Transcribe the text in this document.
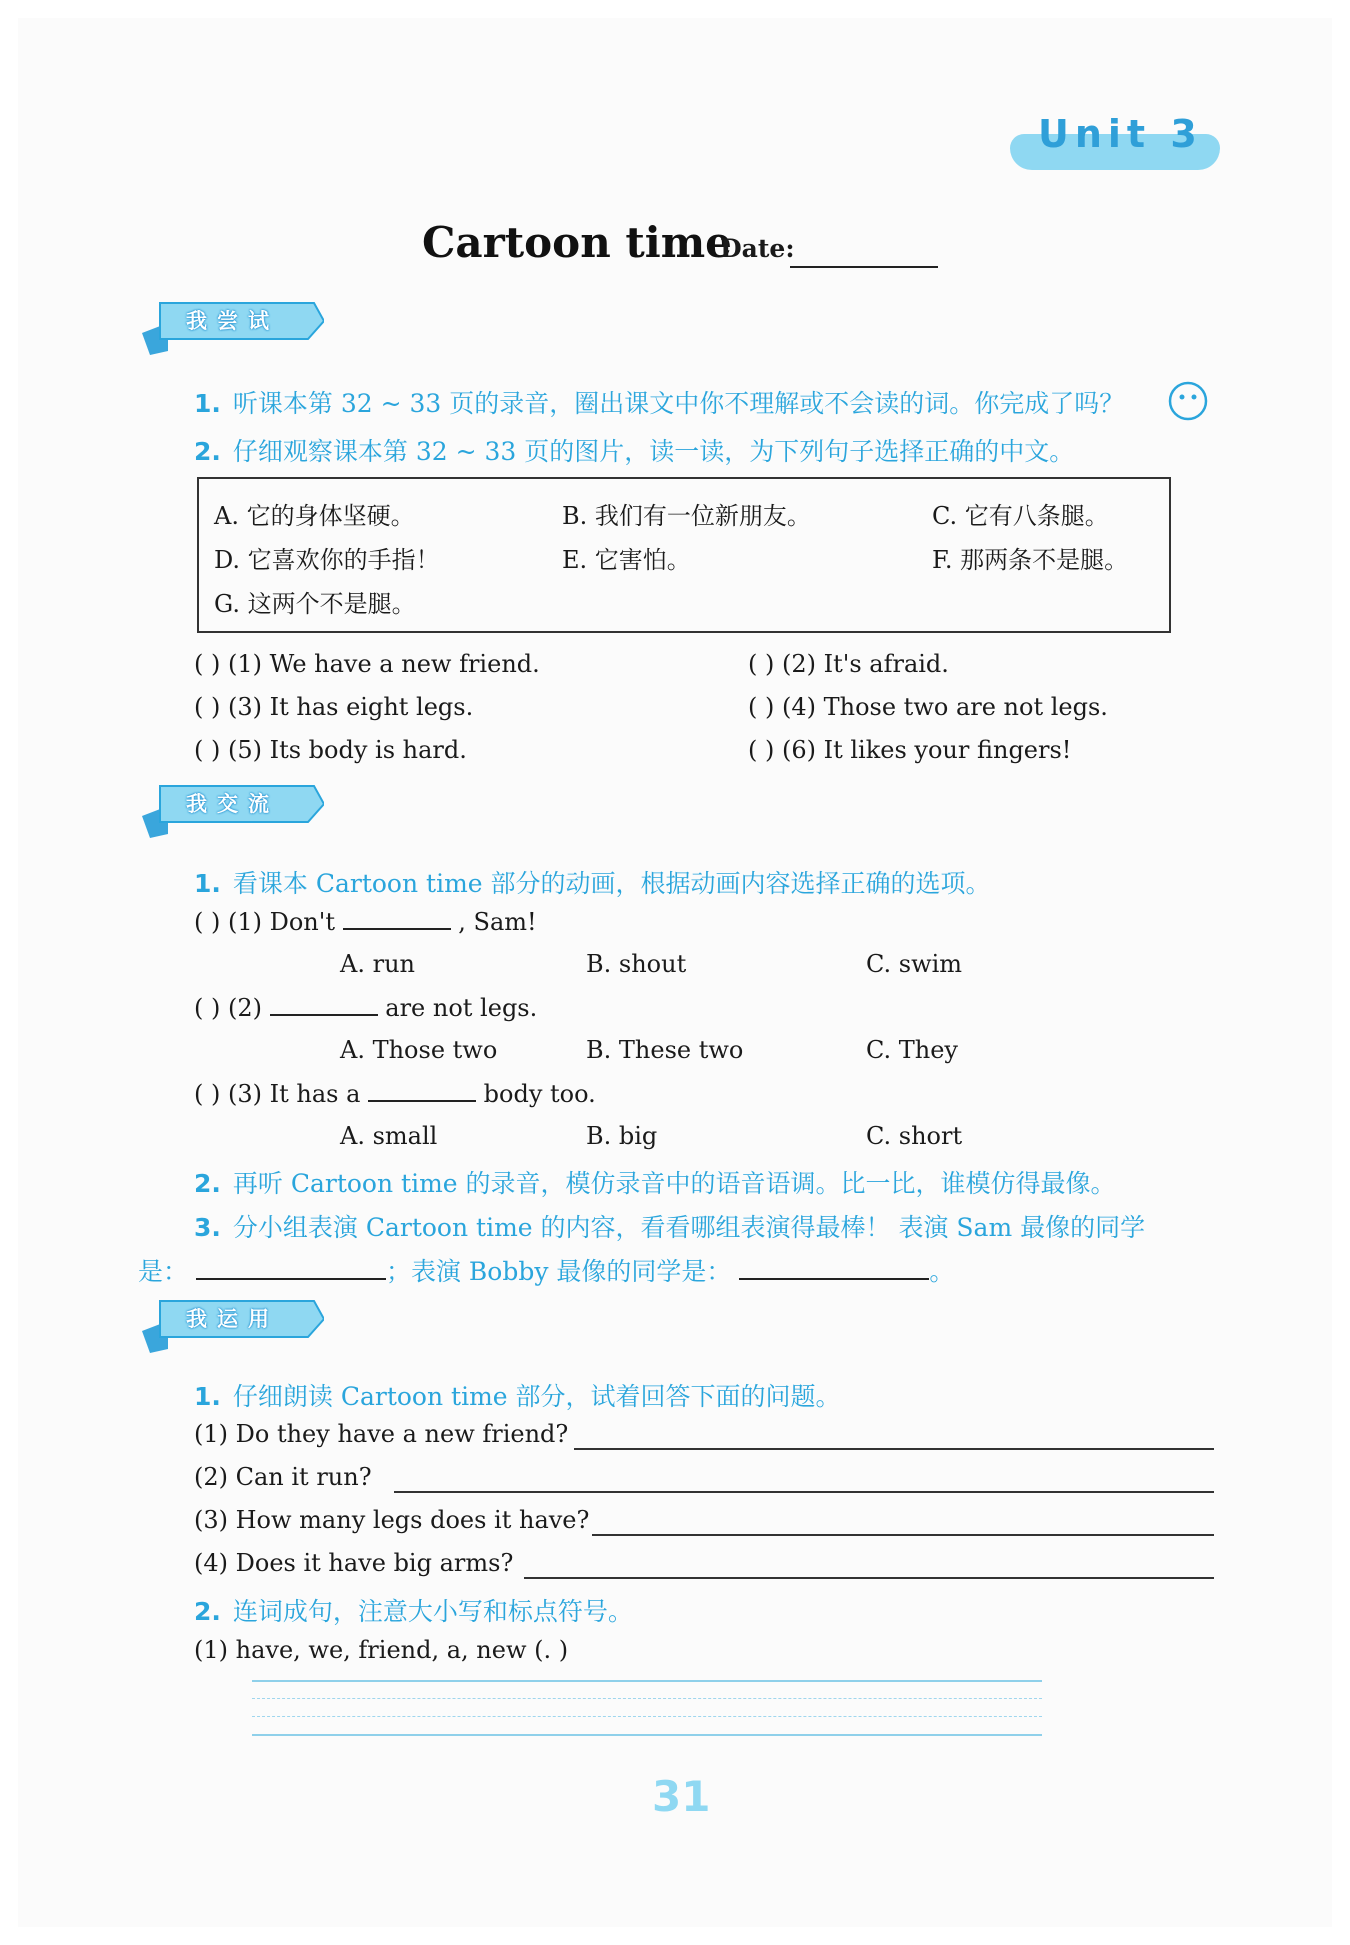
Unit 3
Cartoon time
Date:
我尝试
1. 听课本第 32 ~ 33 页的录音，圈出课文中你不理解或不会读的词。你完成了吗？
2. 仔细观察课本第 32 ~ 33 页的图片，读一读，为下列句子选择正确的中文。
A. 它的身体坚硬。	B. 我们有一位新朋友。	C. 它有八条腿。
D. 它喜欢你的手指！	E. 它害怕。	F. 那两条不是腿。
G. 这两个不是腿。
( ) (1) We have a new friend.	( ) (2) It's afraid.
( ) (3) It has eight legs.	( ) (4) Those two are not legs.
( ) (5) Its body is hard.	( ) (6) It likes your fingers!
我交流
1. 看课本 Cartoon time 部分的动画，根据动画内容选择正确的选项。
( ) (1) Don't	, Sam!
A. run	B. shout	C. swim
( ) (2)	are not legs.
A. Those two	B. These two	C. They
( ) (3) It has a	body too.
A. small	B. big	C. short
2. 再听 Cartoon time 的录音，模仿录音中的语音语调。比一比，谁模仿得最像。
3. 分小组表演 Cartoon time 的内容，看看哪组表演得最棒！ 表演 Sam 最像的同学
是：	；表演 Bobby 最像的同学是：	。
我运用
1. 仔细朗读 Cartoon time 部分，试着回答下面的问题。
(1) Do they have a new friend?
(2) Can it run?
(3) How many legs does it have?
(4) Does it have big arms?
2. 连词成句，注意大小写和标点符号。
(1) have, we, friend, a, new (. )
31
